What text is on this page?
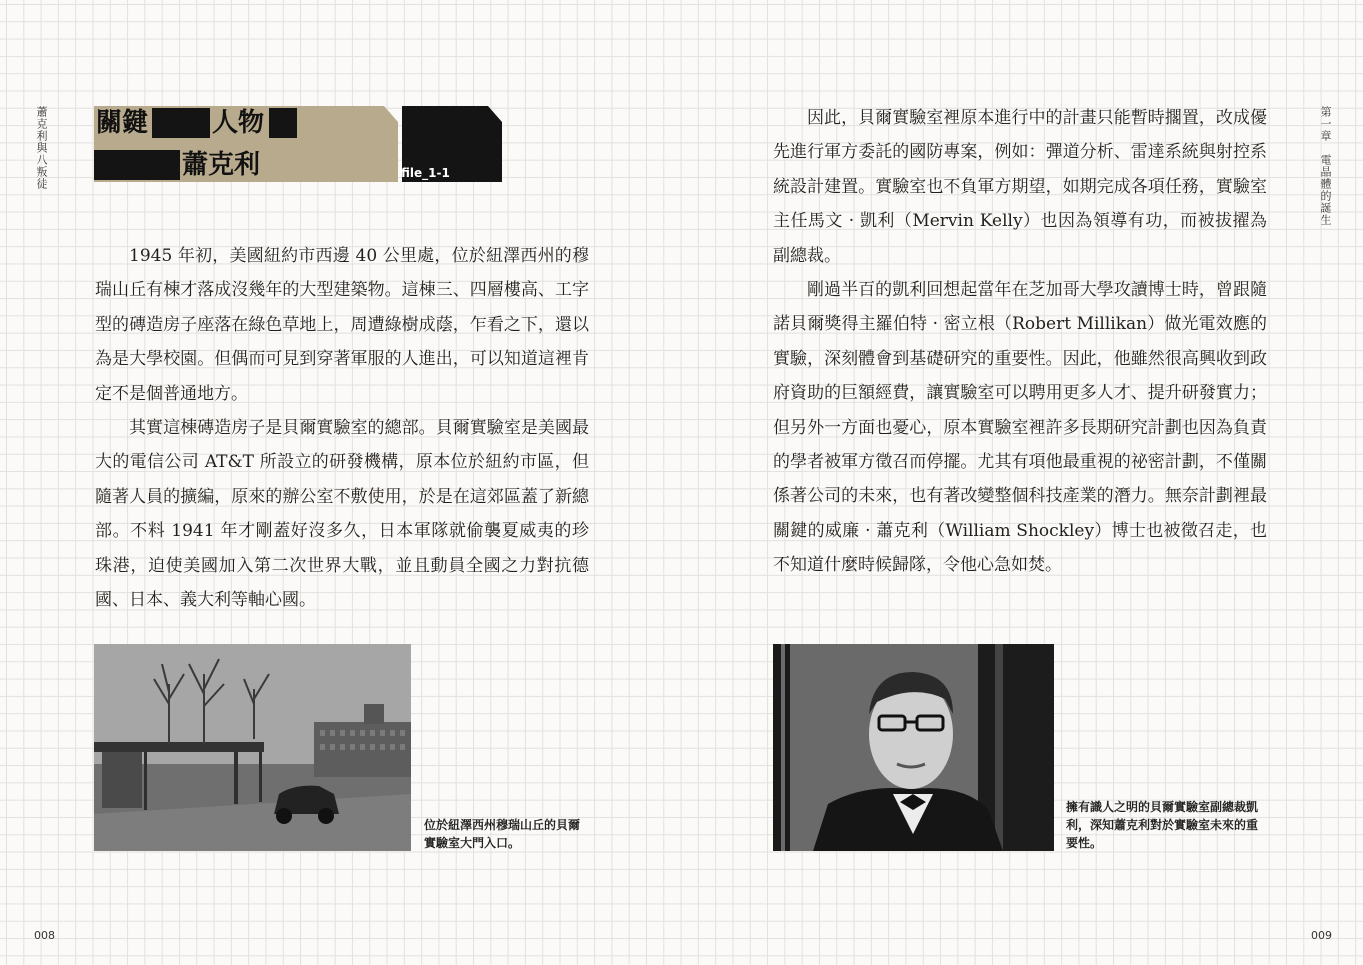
蕭克利與八叛徒
008
關鍵 人物
蕭克利	file_1-1

1945 年初，美國紐約市西邊 40 公里處，位於紐澤西州的穆瑞山丘有棟才落成沒幾年的大型建築物。這棟三、四層樓高、工字型的磚造房子座落在綠色草地上，周遭綠樹成蔭，乍看之下，還以為是大學校園。但偶而可見到穿著軍服的人進出，可以知道這裡肯定不是個普通地方。

其實這棟磚造房子是貝爾實驗室的總部。貝爾實驗室是美國最大的電信公司 AT&T 所設立的研發機構，原本位於紐約市區，但隨著人員的擴編，原來的辦公室不敷使用，於是在這郊區蓋了新總部。不料 1941 年才剛蓋好沒多久，日本軍隊就偷襲夏威夷的珍珠港，迫使美國加入第二次世界大戰，並且動員全國之力對抗德國、日本、義大利等軸心國。

位於紐澤西州穆瑞山丘的貝爾實驗室大門入口。
第一章　電晶體的誕生
009

因此，貝爾實驗室裡原本進行中的計畫只能暫時擱置，改成優先進行軍方委託的國防專案，例如：彈道分析、雷達系統與射控系統設計建置。實驗室也不負軍方期望，如期完成各項任務，實驗室主任馬文 · 凱利（Mervin Kelly）也因為領導有功，而被拔擢為副總裁。

剛過半百的凱利回想起當年在芝加哥大學攻讀博士時，曾跟隨諾貝爾獎得主羅伯特 · 密立根（Robert Millikan）做光電效應的實驗，深刻體會到基礎研究的重要性。因此，他雖然很高興收到政府資助的巨額經費，讓實驗室可以聘用更多人才、提升研發實力；但另外一方面也憂心，原本實驗室裡許多長期研究計劃也因為負責的學者被軍方徵召而停擺。尤其有項他最重視的祕密計劃，不僅關係著公司的未來，也有著改變整個科技產業的潛力。無奈計劃裡最關鍵的威廉 · 蕭克利（William Shockley）博士也被徵召走，也不知道什麼時候歸隊，令他心急如焚。

擁有識人之明的貝爾實驗室副總裁凱利，深知蕭克利對於實驗室未來的重要性。
